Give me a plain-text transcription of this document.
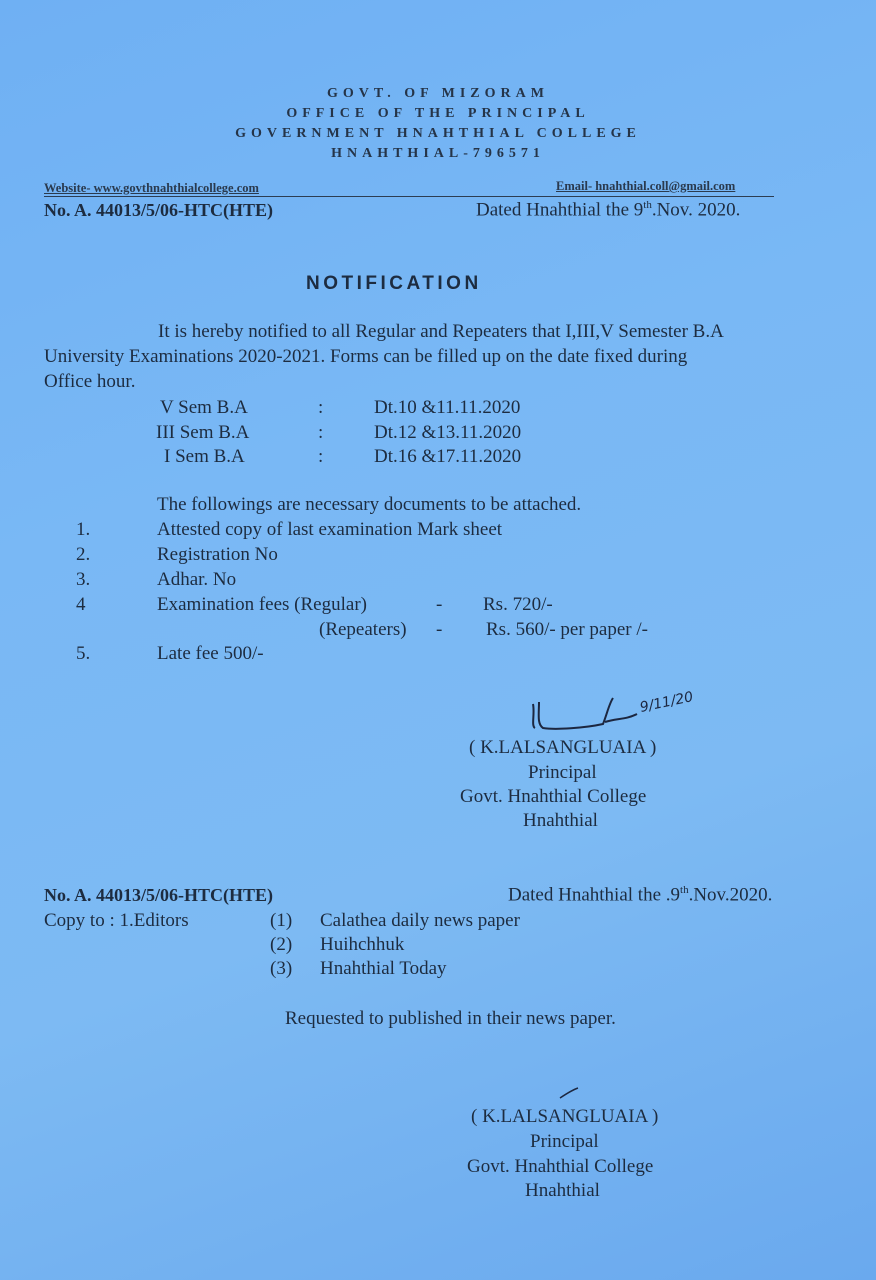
GOVT. OF MIZORAM
OFFICE OF THE PRINCIPAL
GOVERNMENT HNAHTHIAL COLLEGE
HNAHTHIAL-796571
Website- www.govthnahthialcollege.com	Email- hnahthial.coll@gmail.com
No. A. 44013/5/06-HTC(HTE)	Dated Hnahthial the 9th.Nov. 2020.
NOTIFICATION
It is hereby notified to all Regular and Repeaters that I,III,V Semester B.A
University Examinations 2020-2021. Forms can be filled up on the date fixed during
Office hour.
V Sem B.A	:	Dt.10 &11.11.2020
III Sem B.A	:	Dt.12 &13.11.2020
I Sem B.A	:	Dt.16 &17.11.2020
The followings are necessary documents to be attached.
1.	Attested copy of last examination Mark sheet
2.	Registration No
3.	Adhar. No
4	Examination fees (Regular)	- Rs. 720/-
(Repeaters) - Rs. 560/- per paper /-
5.	Late fee 500/-
9/11/20
( K.LALSANGLUAIA )
Principal
Govt. Hnahthial College
Hnahthial
No. A. 44013/5/06-HTC(HTE)	Dated Hnahthial the .9th.Nov.2020.
Copy to : 1.Editors	(1) Calathea daily news paper
(2) Huihchhuk
(3) Hnahthial Today
Requested to published in their news paper.
( K.LALSANGLUAIA )
Principal
Govt. Hnahthial College
Hnahthial
